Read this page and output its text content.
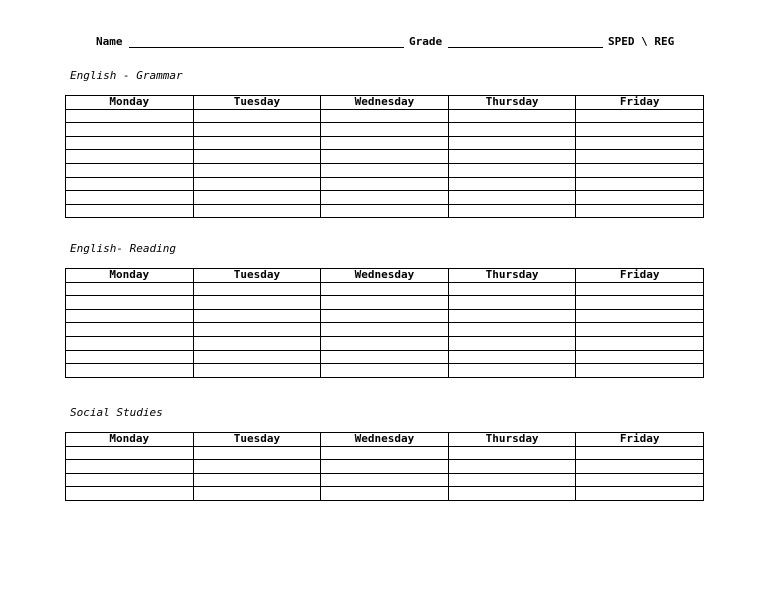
Name	Grade	SPED \ REG
English - Grammar
Monday	Tuesday	Wednesday	Thursday	Friday

English- Reading
Monday	Tuesday	Wednesday	Thursday	Friday

Social Studies
Monday	Tuesday	Wednesday	Thursday	Friday
